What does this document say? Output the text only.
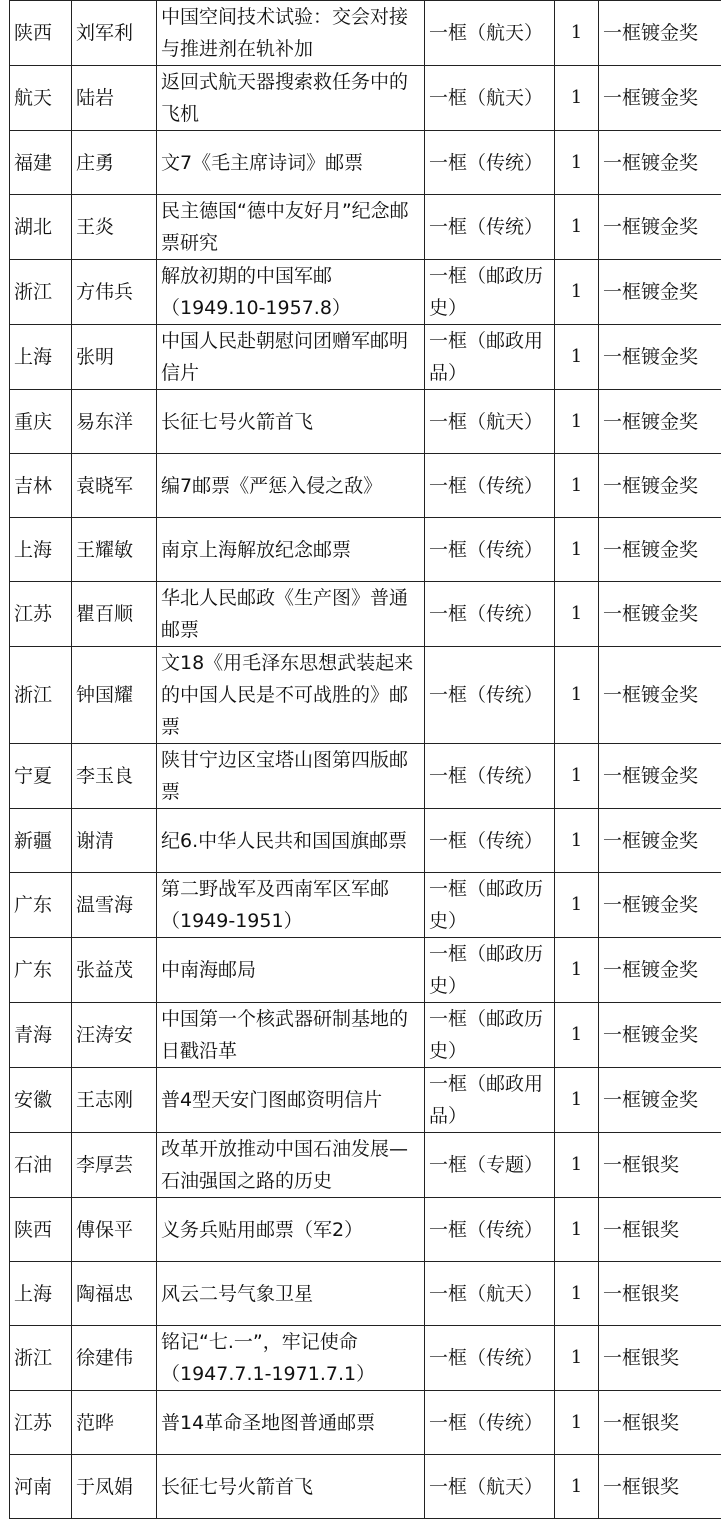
陕西	刘军利	中国空间技术试验：交会对接与推进剂在轨补加	一框（航天）	1	一框镀金奖
航天	陆岩	返回式航天器搜索救任务中的飞机	一框（航天）	1	一框镀金奖
福建	庄勇	文7《毛主席诗词》邮票	一框（传统）	1	一框镀金奖
湖北	王炎	民主德国“德中友好月”纪念邮票研究	一框（传统）	1	一框镀金奖
浙江	方伟兵	解放初期的中国军邮（1949.10-1957.8）	一框（邮政历史）	1	一框镀金奖
上海	张明	中国人民赴朝慰问团赠军邮明信片	一框（邮政用品）	1	一框镀金奖
重庆	易东洋	长征七号火箭首飞	一框（航天）	1	一框镀金奖
吉林	袁晓军	编7邮票《严惩入侵之敌》	一框（传统）	1	一框镀金奖
上海	王耀敏	南京上海解放纪念邮票	一框（传统）	1	一框镀金奖
江苏	瞿百顺	华北人民邮政《生产图》普通邮票	一框（传统）	1	一框镀金奖
浙江	钟国耀	文18《用毛泽东思想武装起来的中国人民是不可战胜的》邮票	一框（传统）	1	一框镀金奖
宁夏	李玉良	陕甘宁边区宝塔山图第四版邮票	一框（传统）	1	一框镀金奖
新疆	谢清	纪6.中华人民共和国国旗邮票	一框（传统）	1	一框镀金奖
广东	温雪海	第二野战军及西南军区军邮（1949-1951）	一框（邮政历史）	1	一框镀金奖
广东	张益茂	中南海邮局	一框（邮政历史）	1	一框镀金奖
青海	汪涛安	中国第一个核武器研制基地的日戳沿革	一框（邮政历史）	1	一框镀金奖
安徽	王志刚	普4型天安门图邮资明信片	一框（邮政用品）	1	一框镀金奖
石油	李厚芸	改革开放推动中国石油发展—石油强国之路的历史	一框（专题）	1	一框银奖
陕西	傅保平	义务兵贴用邮票（军2）	一框（传统）	1	一框银奖
上海	陶福忠	风云二号气象卫星	一框（航天）	1	一框银奖
浙江	徐建伟	铭记“七.一”，牢记使命（1947.7.1-1971.7.1）	一框（传统）	1	一框银奖
江苏	范晔	普14革命圣地图普通邮票	一框（传统）	1	一框银奖
河南	于凤娟	长征七号火箭首飞	一框（航天）	1	一框银奖
